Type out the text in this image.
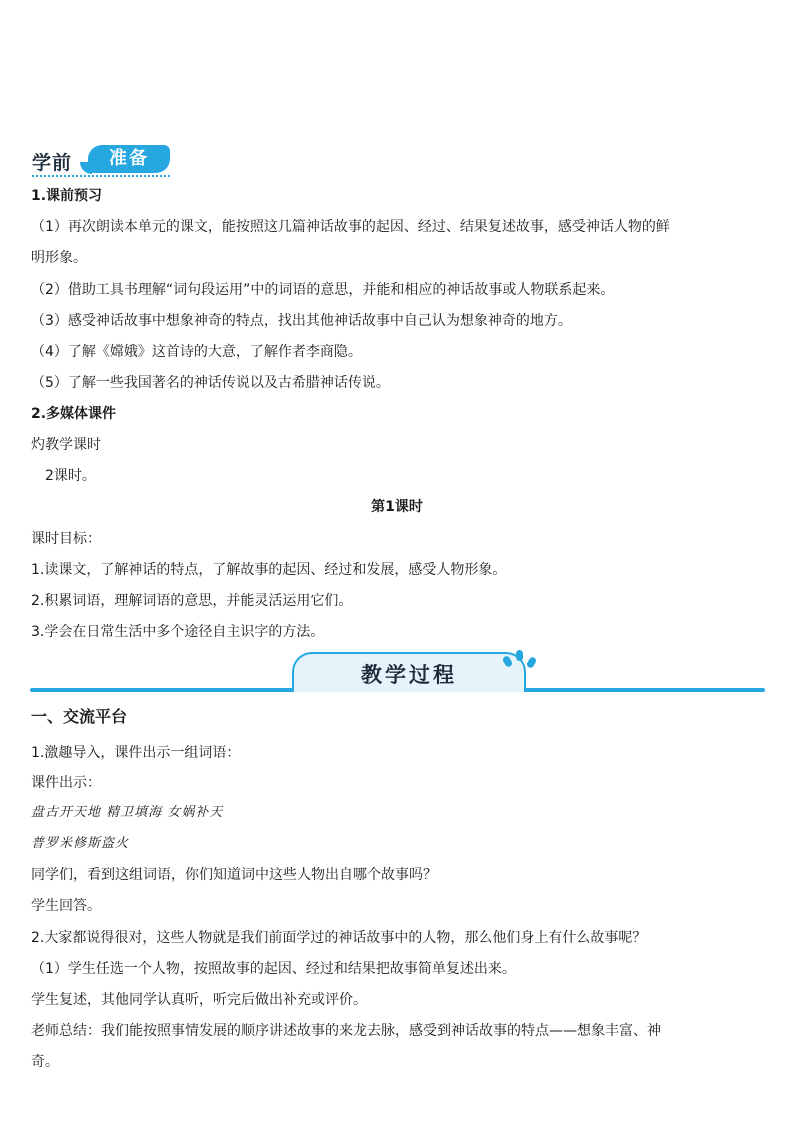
学前	准备
1.课前预习
（1）再次朗读本单元的课文，能按照这几篇神话故事的起因、经过、结果复述故事，感受神话人物的鲜
明形象。
（2）借助工具书理解“词句段运用”中的词语的意思，并能和相应的神话故事或人物联系起来。
（3）感受神话故事中想象神奇的特点，找出其他神话故事中自己认为想象神奇的地方。
（4）了解《嫦娥》这首诗的大意，了解作者李商隐。
（5）了解一些我国著名的神话传说以及古希腊神话传说。
2.多媒体课件
灼教学课时
2课时。
第1课时
课时目标：
1.读课文，了解神话的特点，了解故事的起因、经过和发展，感受人物形象。
2.积累词语，理解词语的意思，并能灵活运用它们。
3.学会在日常生活中多个途径自主识字的方法。
教学过程
一、交流平台
1.激趣导入，课件出示一组词语：
课件出示：
盘古开天地 精卫填海 女娲补天
普罗米修斯盗火
同学们，看到这组词语，你们知道词中这些人物出自哪个故事吗？
学生回答。
2.大家都说得很对，这些人物就是我们前面学过的神话故事中的人物，那么他们身上有什么故事呢？
（1）学生任选一个人物，按照故事的起因、经过和结果把故事简单复述出来。
学生复述，其他同学认真听，听完后做出补充或评价。
老师总结：我们能按照事情发展的顺序讲述故事的来龙去脉，感受到神话故事的特点——想象丰富、神
奇。
